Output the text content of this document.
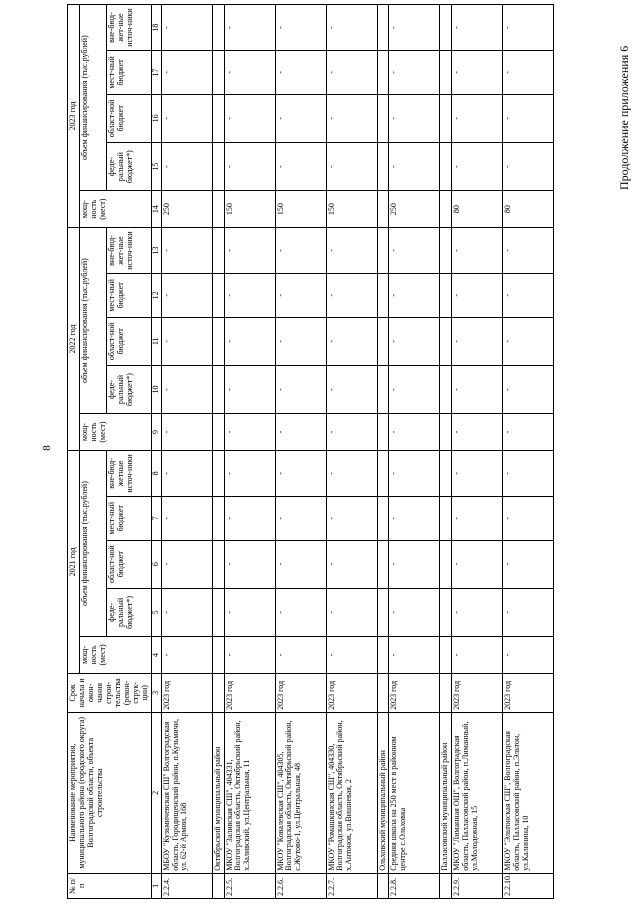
8
Продолжение приложения 6
№ п/п	Наименование мероприятия, муниципального района (городского округа) Волгоградской области, объекта строительства	Срок начала и окон-чания строи-тельства (рекон-струк-ции)	2021 год					2022 год					2023 год				
			мощ-ность (мест)	объем финансирования (тыс.рублей)				мощ-ность (мест)	объем финансирования (тыс.рублей)				мощ-ность (мест)	объем финансирования (тыс.рублей)			
				феде-ральный бюджет*)	област-ной бюджет	мест-ный бюджет	вне-бюд-жетные источ-ники		феде-ральный бюджет*)	област-ной бюджет	мест-ный бюджет	вне-бюд-жет-ные источ-ники		феде-ральный бюджет*)	област-ной бюджет	мест-ный бюджет	вне-бюд-жет-ные источ-ники

1	2	3	4	5	6	7	8	9	10	11	12	13	14	15	16	17	18
2.2.4.	МБОУ "Кузьмичевская СШ" Волгоградская область, Городищенский район, п.Кузьмичи, ул. 62-й Армии, 168	2023 год	-	-	-	-	-	-	-	-	-	-	250	-	-	-	-
	Октябрьский муниципальный район																
2.2.5.	МКОУ "Заливская СШ", 404331, Волгоградская область, Октябрьский район, х.Заливский, ул.Центральная, 11	2023 год	-	-	-	-	-	-	-	-	-	-	150	-	-	-	-
2.2.6.	МКОУ "Ковалевская СШ", 404305, Волгоградская область, Октябрьский район, с.Жутово-1, ул.Центральная, 48	2023 год	-	-	-	-	-	-	-	-	-	-	150	-	-	-	-
2.2.7.	МКОУ "Ромашкинская СШ", 404330, Волгоградская область, Октябрьский район, х.Антонов, ул.Вишневая, 2	2023 год	-	-	-	-	-	-	-	-	-	-	150	-	-	-	-
	Ольховский муниципальный район																
2.2.8.	Средняя школа на 250 мест в районном центре с.Ольховка	2023 год	-	-	-	-	-	-	-	-	-	-	250	-	-	-	-
	Палласовский муниципальный район																
2.2.9.	МКОУ "Лиманная ОШ", Волгоградская область, Палласовский район, п.Лиманный, ул.Молодежная, 15	2023 год	-	-	-	-	-	-	-	-	-	-	80	-	-	-	-
2.2.10.	МКОУ "Эльтонская СШ", Волгоградская область, Палласовский район, п.Эльтон, ул.Калинина, 10	2023 год	-	-	-	-	-	-	-	-	-	-	80	-	-	-	-
